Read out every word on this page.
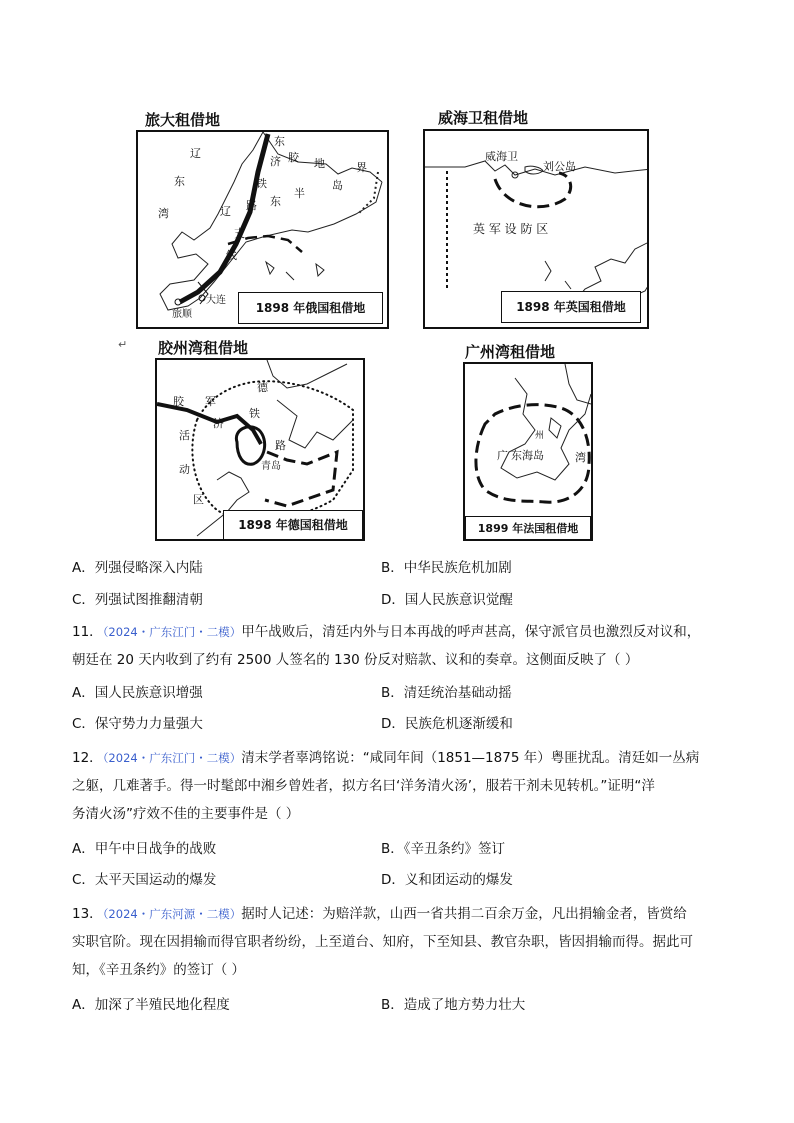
旅大租借地
辽
东
湾
东
济
铁
路 东
辽
支
线
胶 地
半
岛
界
大连
旅顺	1898 年俄国租借地
威海卫租借地
威海卫
刘公岛
英 军 设 防 区
1898 年英国租借地
↵ 胶州湾租借地
胶
活
动
区
军
济
德
铁
路
青岛
1898 年德国租借地
广州湾租借地
广
州
东海岛	湾
1899 年法国租借地
A．列强侵略深入内陆	B．中华民族危机加剧
C．列强试图推翻清朝	D．国人民族意识觉醒
11．（2024・广东江门・二模）甲午战败后，清廷内外与日本再战的呼声甚高，保守派官员也激烈反对议和，
朝廷在 20 天内收到了约有 2500 人签名的 130 份反对赔款、议和的奏章。这侧面反映了（ ）
A．国人民族意识增强	B．清廷统治基础动摇
C．保守势力力量强大	D．民族危机逐渐缓和
12．（2024・广东江门・二模）清末学者辜鸿铭说：“咸同年间（1851—1875 年）粤匪扰乱。清廷如一丛病
之躯，几难著手。得一时髦郎中湘乡曾姓者，拟方名曰‘洋务清火汤’，服若干剂未见转机。”证明“洋
务清火汤”疗效不佳的主要事件是（ ）
A．甲午中日战争的战败	B．《辛丑条约》签订
C．太平天国运动的爆发	D．义和团运动的爆发
13．（2024・广东河源・二模）据时人记述：为赔洋款，山西一省共捐二百余万金，凡出捐输金者，皆赏给
实职官阶。现在因捐输而得官职者纷纷，上至道台、知府，下至知县、教官杂职，皆因捐输而得。据此可
知，《辛丑条约》的签订（ ）
A．加深了半殖民地化程度	B．造成了地方势力壮大
